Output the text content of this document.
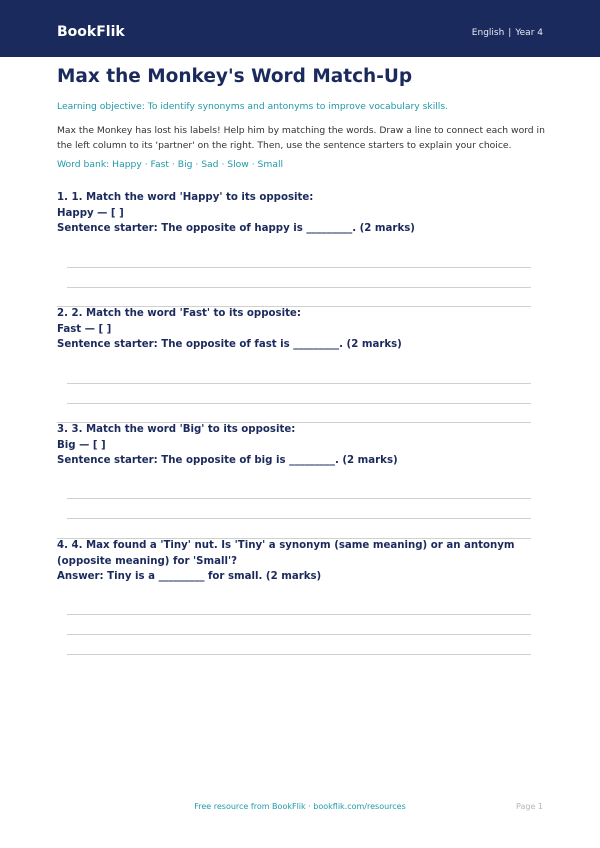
BookFlik	English | Year 4
Max the Monkey's Word Match-Up
Learning objective: To identify synonyms and antonyms to improve vocabulary skills.

Max the Monkey has lost his labels! Help him by matching the words. Draw a line to connect each word in the left column to its 'partner' on the right. Then, use the sentence starters to explain your choice.

Word bank: Happy · Fast · Big · Sad · Slow · Small
1. 1. Match the word 'Happy' to its opposite:
Happy — [ ]
Sentence starter: The opposite of happy is _________. (2 marks)
2. 2. Match the word 'Fast' to its opposite:
Fast — [ ]
Sentence starter: The opposite of fast is _________. (2 marks)
3. 3. Match the word 'Big' to its opposite:
Big — [ ]
Sentence starter: The opposite of big is _________. (2 marks)
4. 4. Max found a 'Tiny' nut. Is 'Tiny' a synonym (same meaning) or an antonym (opposite meaning) for 'Small'?
Answer: Tiny is a _________ for small. (2 marks)
Free resource from BookFlik · bookflik.com/resources	Page 1
